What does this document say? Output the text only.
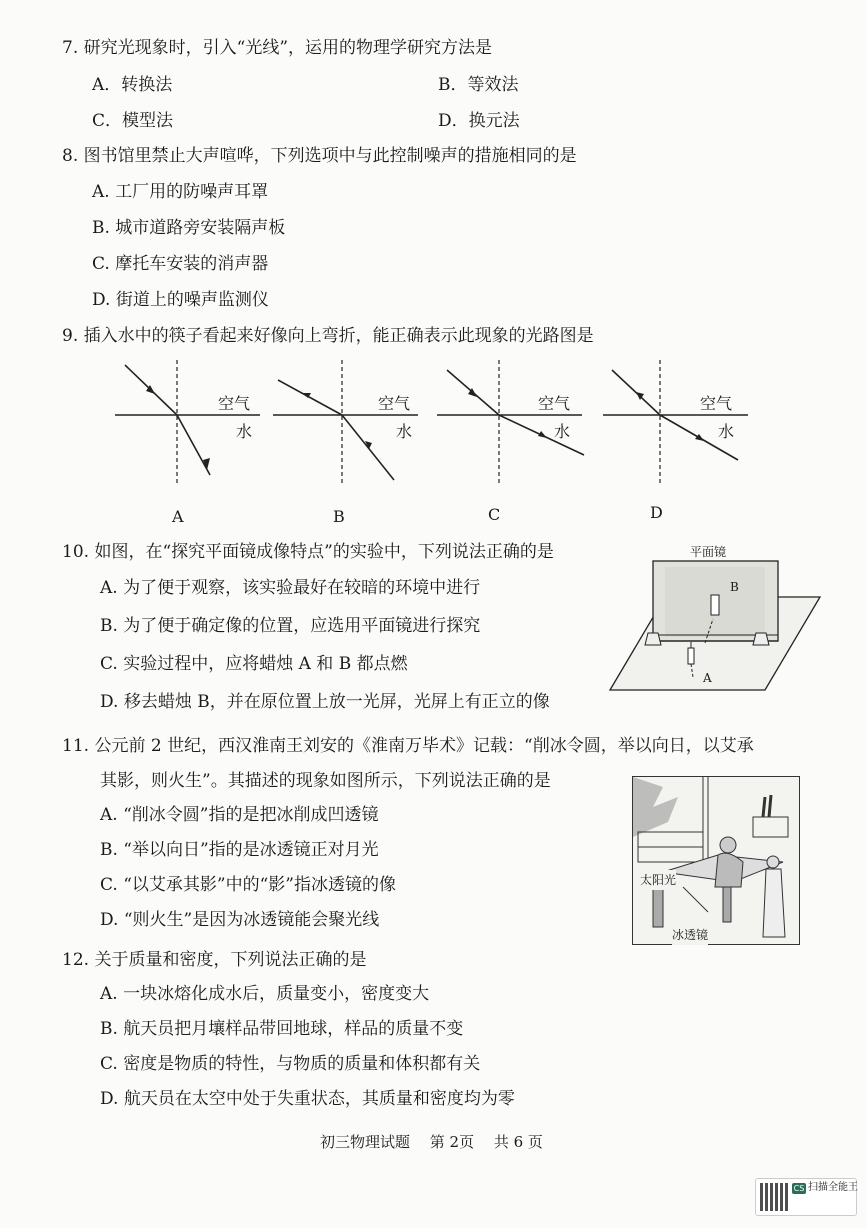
7. 研究光现象时，引入“光线”，运用的物理学研究方法是
A．转换法	B．等效法
C．模型法	D．换元法
8. 图书馆里禁止大声喧哗，下列选项中与此控制噪声的措施相同的是
A. 工厂用的防噪声耳罩
B. 城市道路旁安装隔声板
C. 摩托车安装的消声器
D. 街道上的噪声监测仪
9. 插入水中的筷子看起来好像向上弯折，能正确表示此现象的光路图是
空气
水
A
空气
水
B
空气
水
C
空气
水
D
10. 如图，在“探究平面镜成像特点”的实验中，下列说法正确的是
A. 为了便于观察，该实验最好在较暗的环境中进行
B. 为了便于确定像的位置，应选用平面镜进行探究
C. 实验过程中，应将蜡烛 A 和 B 都点燃
D. 移去蜡烛 B，并在原位置上放一光屏，光屏上有正立的像
平面镜
B
A
11. 公元前 2 世纪，西汉淮南王刘安的《淮南万毕术》记载：“削冰令圆，举以向日，以艾承
其影，则火生”。其描述的现象如图所示，下列说法正确的是
A. “削冰令圆”指的是把冰削成凹透镜
B. “举以向日”指的是冰透镜正对月光
C. “以艾承其影”中的“影”指冰透镜的像
D. “则火生”是因为冰透镜能会聚光线
太阳光
冰透镜
12. 关于质量和密度，下列说法正确的是
A. 一块冰熔化成水后，质量变小，密度变大
B. 航天员把月壤样品带回地球，样品的质量不变
C. 密度是物质的特性，与物质的质量和体积都有关
D. 航天员在太空中处于失重状态，其质量和密度均为零
初三物理试题　 第 2页　 共 6 页
CS 扫描全能王
